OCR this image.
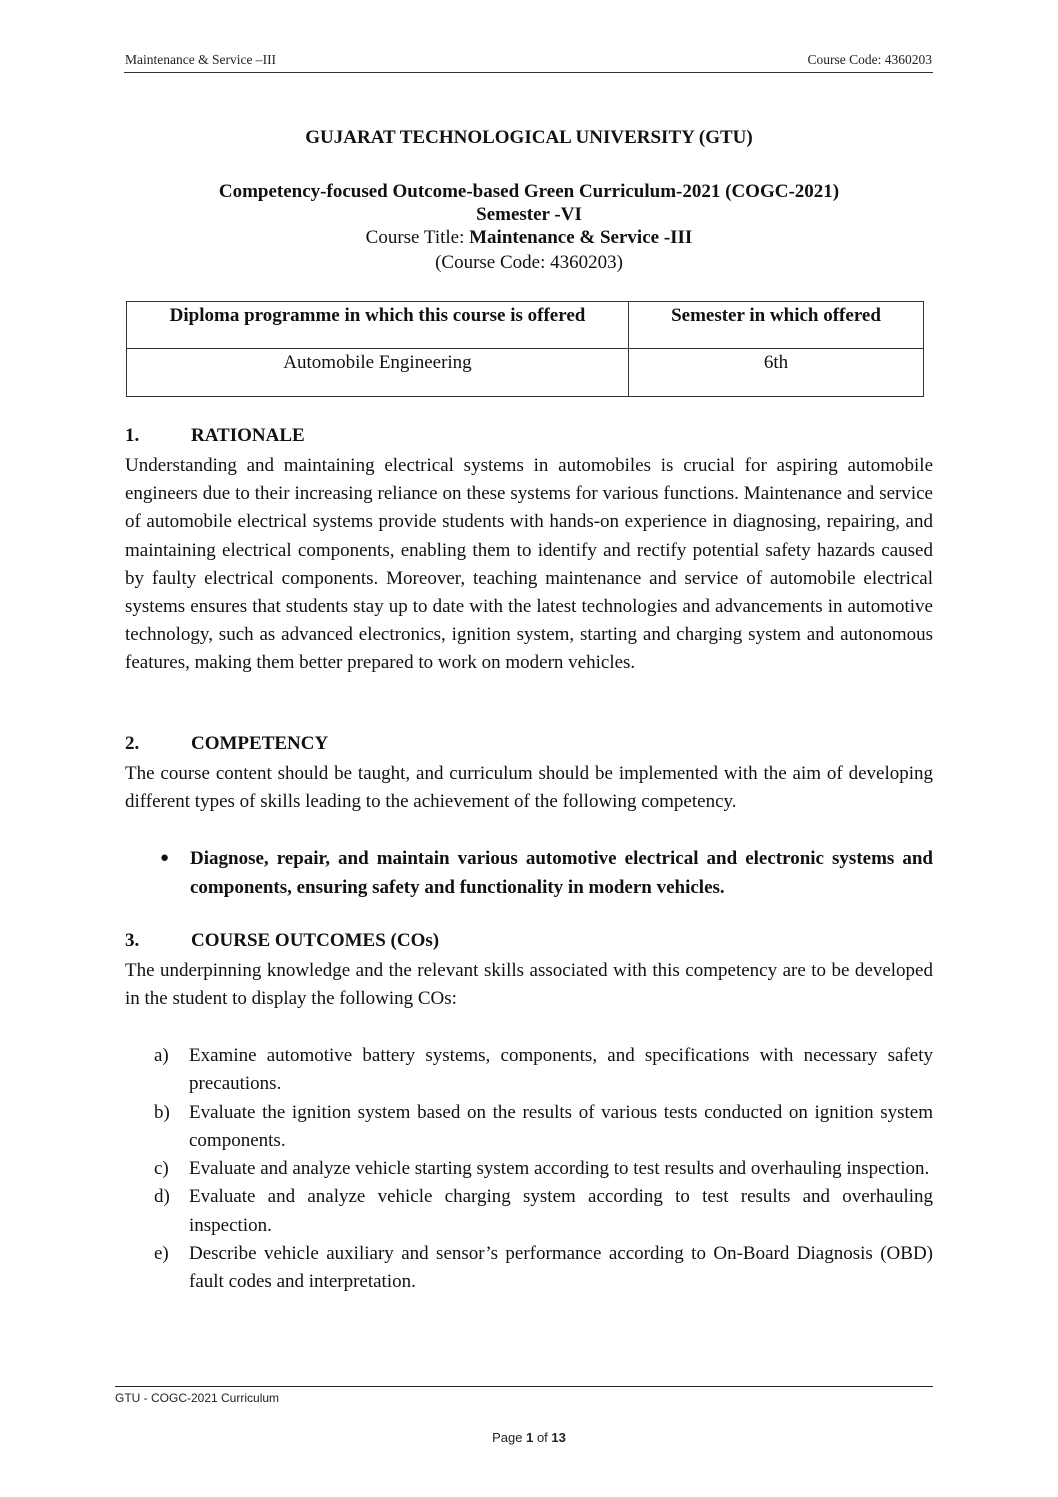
Maintenance & Service –III	Course Code: 4360203
GUJARAT TECHNOLOGICAL UNIVERSITY (GTU)
Competency-focused Outcome-based Green Curriculum-2021 (COGC-2021)
Semester -VI
Course Title: Maintenance & Service -III
(Course Code: 4360203)
Diploma programme in which this course is offered	Semester in which offered
Automobile Engineering	6th
1.	RATIONALE
Understanding and maintaining electrical systems in automobiles is crucial for aspiring automobile engineers due to their increasing reliance on these systems for various functions. Maintenance and service of automobile electrical systems provide students with hands-on experience in diagnosing, repairing, and maintaining electrical components, enabling them to identify and rectify potential safety hazards caused by faulty electrical components. Moreover, teaching maintenance and service of automobile electrical systems ensures that students stay up to date with the latest technologies and advancements in automotive technology, such as advanced electronics, ignition system, starting and charging system and autonomous features, making them better prepared to work on modern vehicles.
2.	COMPETENCY
The course content should be taught, and curriculum should be implemented with the aim of developing different types of skills leading to the achievement of the following competency.
● Diagnose, repair, and maintain various automotive electrical and electronic systems and components, ensuring safety and functionality in modern vehicles.
3.	COURSE OUTCOMES (COs)
The underpinning knowledge and the relevant skills associated with this competency are to be developed in the student to display the following COs:
a) Examine automotive battery systems, components, and specifications with necessary safety precautions.
b) Evaluate the ignition system based on the results of various tests conducted on ignition system components.
c) Evaluate and analyze vehicle starting system according to test results and overhauling inspection.
d) Evaluate and analyze vehicle charging system according to test results and overhauling inspection.
e) Describe vehicle auxiliary and sensor’s performance according to On-Board Diagnosis (OBD) fault codes and interpretation.
GTU - COGC-2021 Curriculum
Page 1 of 13
